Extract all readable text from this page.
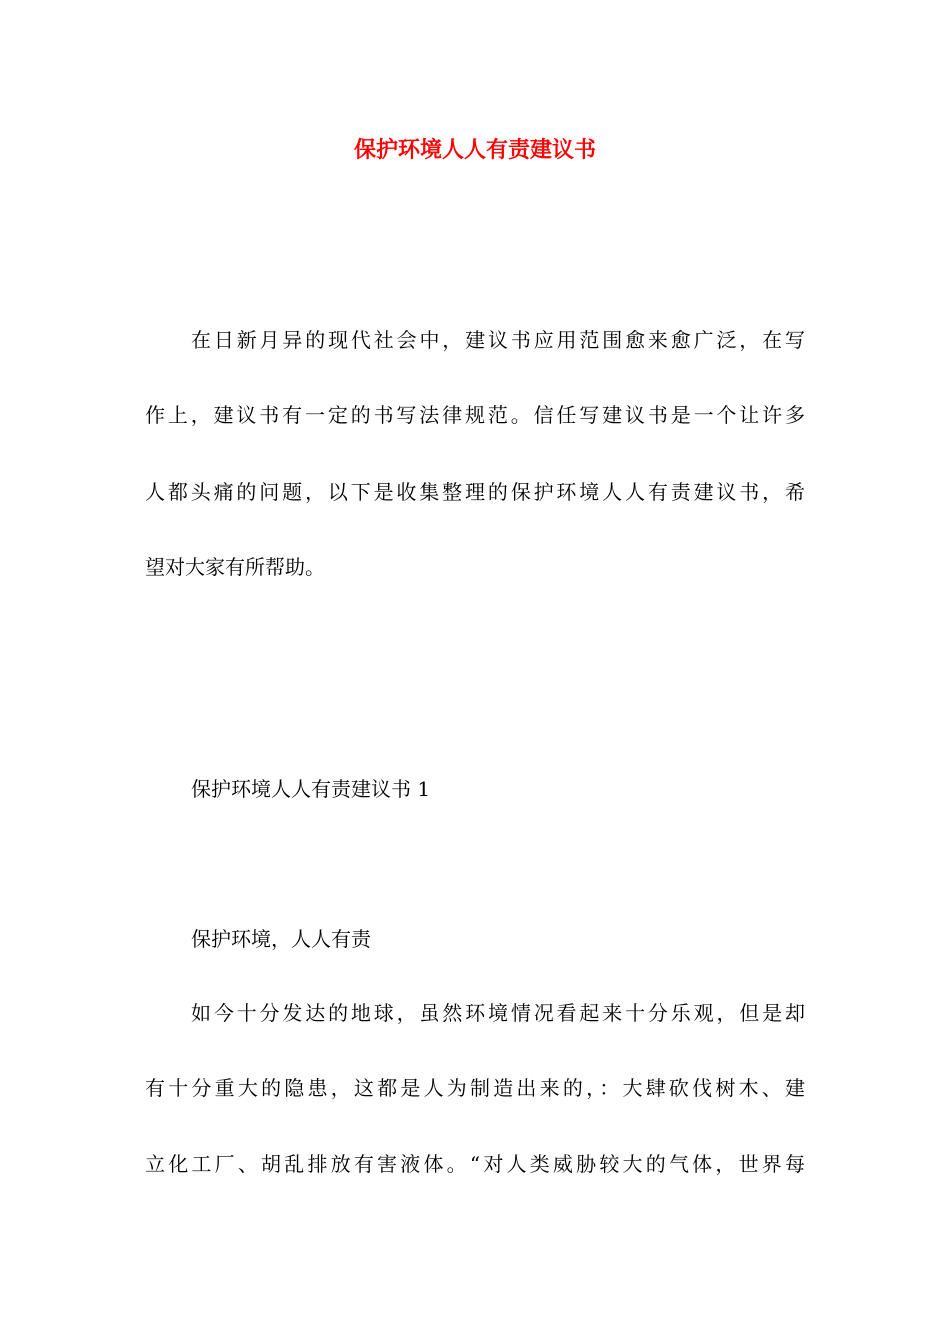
保护环境人人有责建议书
在日新月异的现代社会中，建议书应用范围愈来愈广泛，在写
作上，建议书有一定的书写法律规范。信任写建议书是一个让许多
人都头痛的问题，以下是收集整理的保护环境人人有责建议书，希
望对大家有所帮助。
保护环境人人有责建议书 1
保护环境，人人有责
如今十分发达的地球，虽然环境情况看起来十分乐观，但是却
有十分重大的隐患，这都是人为制造出来的，：大肆砍伐树木、建
立化工厂、胡乱排放有害液体。“对人类威胁较大的气体，世界每
